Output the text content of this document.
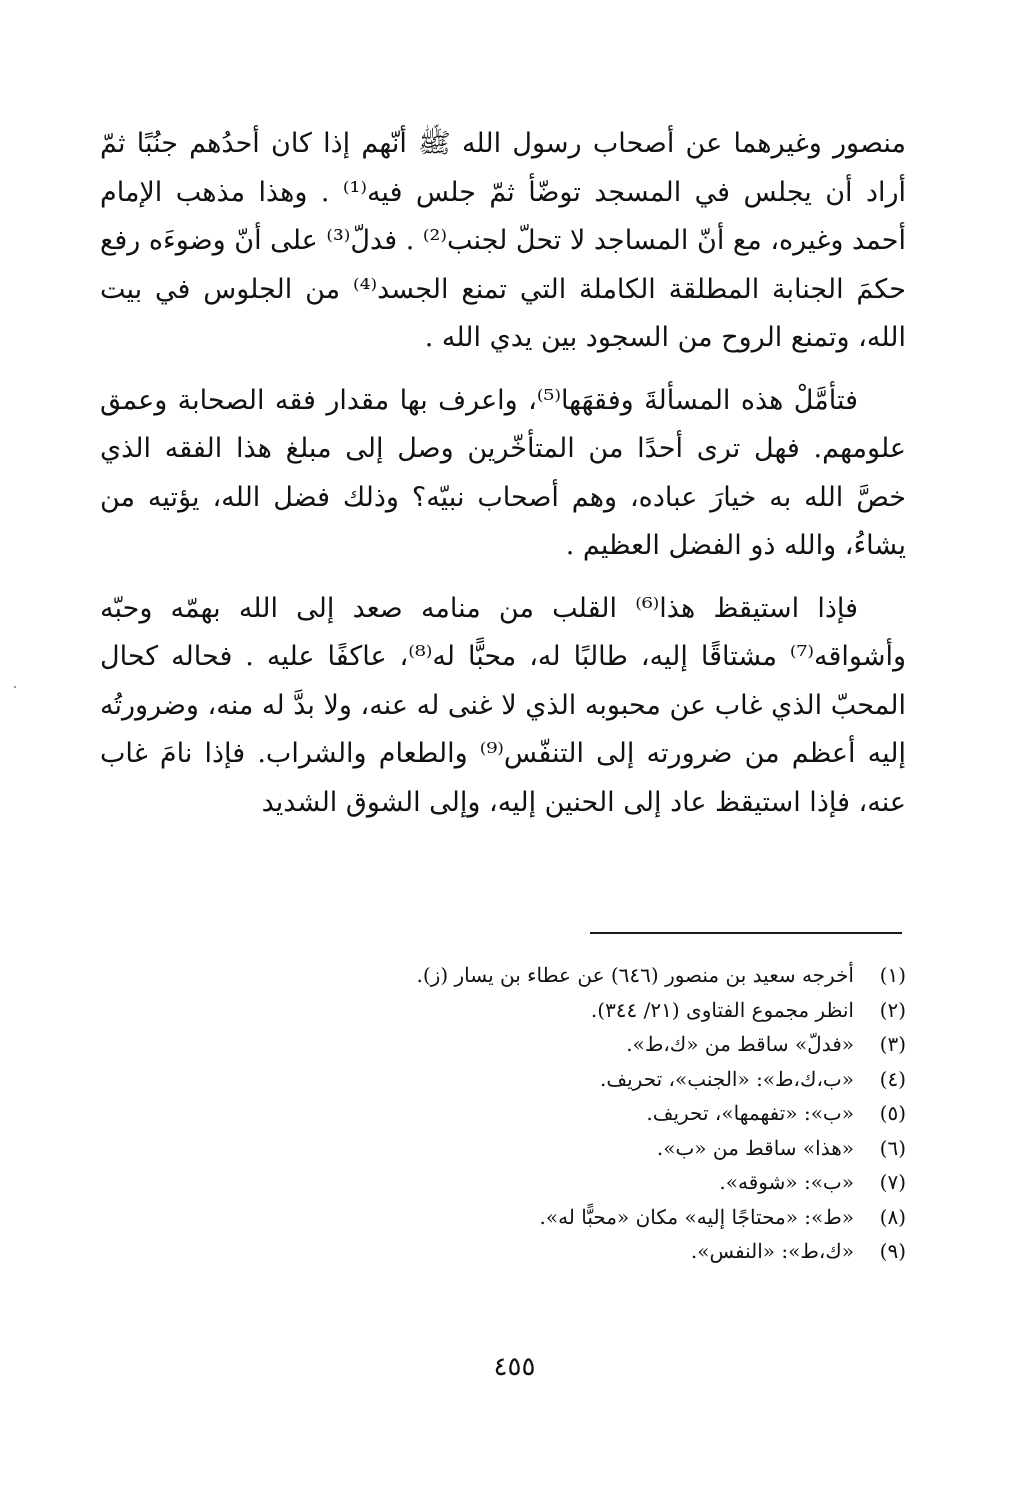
منصور وغيرهما عن أصحاب رسول الله ﷺ أنّهم إذا كان أحدُهم جنُبًا ثمّ أراد أن يجلس في المسجد توضّأ ثمّ جلس فيه⁽¹⁾ . وهذا مذهب الإمام أحمد وغيره، مع أنّ المساجد لا تحلّ لجنب⁽²⁾ . فدلّ⁽³⁾ على أنّ وضوءَه رفع حكمَ الجنابة المطلقة الكاملة التي تمنع الجسد⁽⁴⁾ من الجلوس في بيت الله، وتمنع الروح من السجود بين يدي الله .

فتأمَّلْ هذه المسألةَ وفقهَها⁽⁵⁾، واعرف بها مقدار فقه الصحابة وعمق علومهم. فهل ترى أحدًا من المتأخّرين وصل إلى مبلغ هذا الفقه الذي خصَّ الله به خيارَ عباده، وهم أصحاب نبيّه؟ وذلك فضل الله، يؤتيه من يشاءُ، والله ذو الفضل العظيم .

فإذا استيقظ هذا⁽⁶⁾ القلب من منامه صعد إلى الله بهمّه وحبّه وأشواقه⁽⁷⁾ مشتاقًا إليه، طالبًا له، محبًّا له⁽⁸⁾، عاكفًا عليه . فحاله كحال المحبّ الذي غاب عن محبوبه الذي لا غنى له عنه، ولا بدَّ له منه، وضرورتُه إليه أعظم من ضرورته إلى التنفّس⁽⁹⁾ والطعام والشراب. فإذا نامَ غاب عنه، فإذا استيقظ عاد إلى الحنين إليه، وإلى الشوق الشديد

(١)أخرجه سعيد بن منصور (٦٤٦) عن عطاء بن يسار (ز).
(٢)انظر مجموع الفتاوى (٢١/ ٣٤٤).
(٣)«فدلّ» ساقط من «ك،ط».
(٤)«ب،ك،ط»: «الجنب»، تحريف.
(٥)«ب»: «تفهمها»، تحريف.
(٦)«هذا» ساقط من «ب».
(٧)«ب»: «شوقه».
(٨)«ط»: «محتاجًا إليه» مكان «محبًّا له».
(٩)«ك،ط»: «النفس».
٤٥٥
